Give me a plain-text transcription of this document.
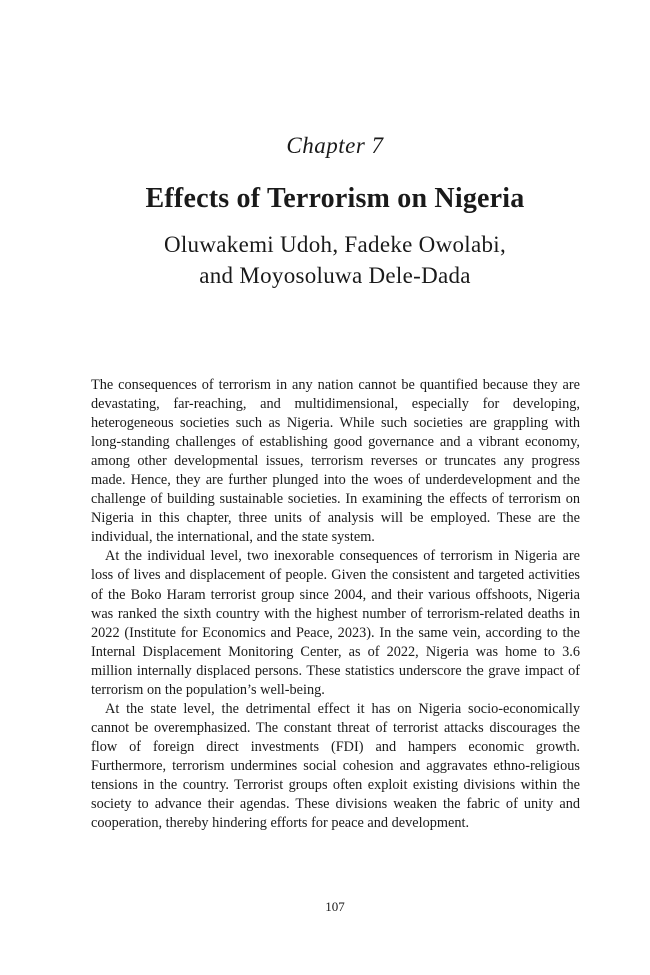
Chapter 7
Effects of Terrorism on Nigeria
Oluwakemi Udoh, Fadeke Owolabi,
and Moyosoluwa Dele-Dada

The consequences of terrorism in any nation cannot be quantified because they are devastating, far-reaching, and multidimensional, especially for developing, heterogeneous societies such as Nigeria. While such societies are grappling with long-standing challenges of establishing good governance and a vibrant economy, among other developmental issues, terrorism reverses or truncates any progress made. Hence, they are further plunged into the woes of underdevelopment and the challenge of building sustainable societies. In examining the effects of terrorism on Nigeria in this chapter, three units of analysis will be employed. These are the individual, the international, and the state system.

At the individual level, two inexorable consequences of terrorism in Nigeria are loss of lives and displacement of people. Given the consistent and targeted activities of the Boko Haram terrorist group since 2004, and their various offshoots, Nigeria was ranked the sixth country with the highest number of terrorism-related deaths in 2022 (Institute for Economics and Peace, 2023). In the same vein, according to the Internal Displacement Monitoring Center, as of 2022, Nigeria was home to 3.6 million internally displaced persons. These statistics underscore the grave impact of terrorism on the population’s well-being.

At the state level, the detrimental effect it has on Nigeria socio-economically cannot be overemphasized. The constant threat of terrorist attacks discourages the flow of foreign direct investments (FDI) and hampers economic growth. Furthermore, terrorism undermines social cohesion and aggravates ethno-religious tensions in the country. Terrorist groups often exploit existing divisions within the society to advance their agendas. These divisions weaken the fabric of unity and cooperation, thereby hindering efforts for peace and development.

107
